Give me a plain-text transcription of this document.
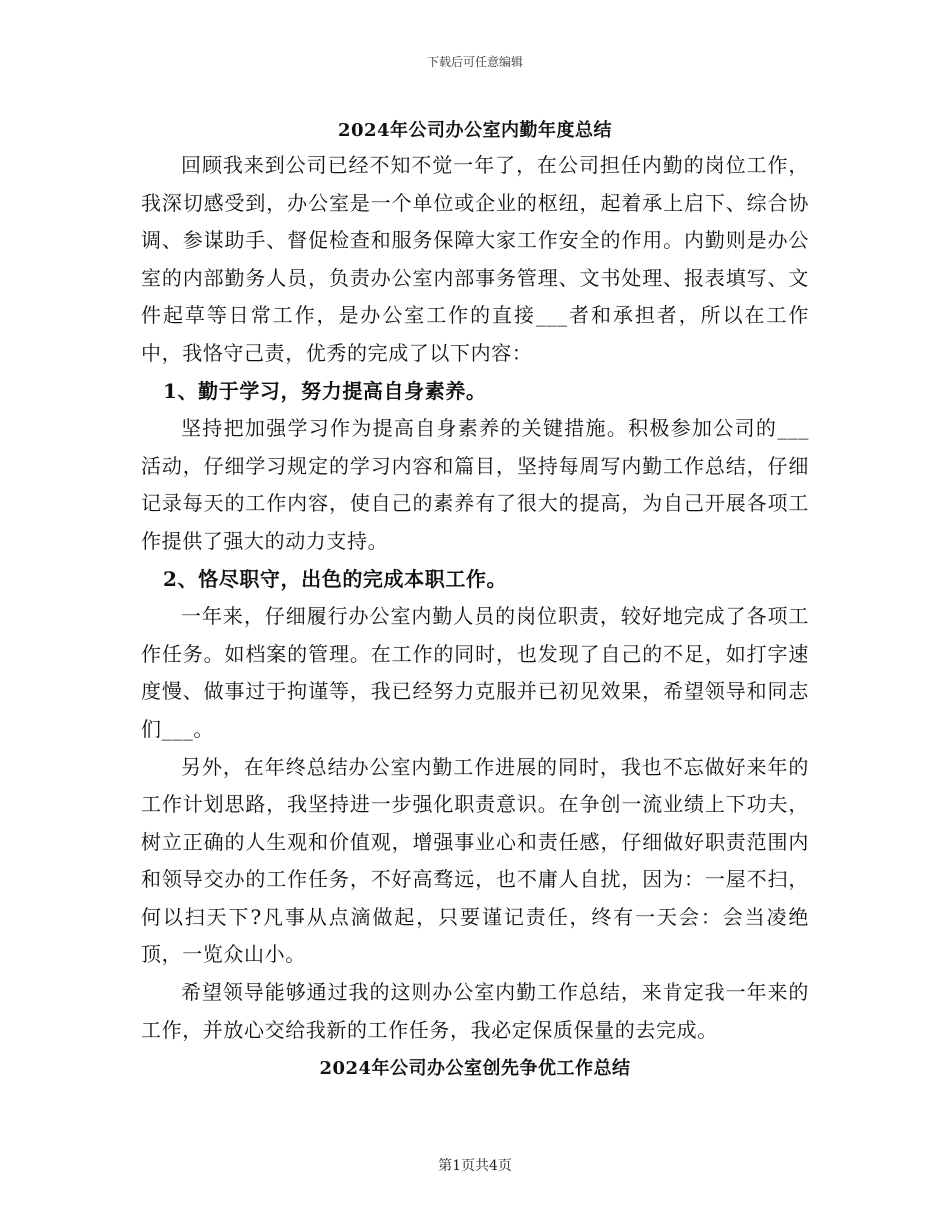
下载后可任意编辑
2024年公司办公室内勤年度总结

回顾我来到公司已经不知不觉一年了，在公司担任内勤的岗位工作，我深切感受到，办公室是一个单位或企业的枢纽，起着承上启下、综合协调、参谋助手、督促检查和服务保障大家工作安全的作用。内勤则是办公室的内部勤务人员，负责办公室内部事务管理、文书处理、报表填写、文件起草等日常工作，是办公室工作的直接___者和承担者，所以在工作中，我恪守己责，优秀的完成了以下内容：

1、勤于学习，努力提高自身素养。

坚持把加强学习作为提高自身素养的关键措施。积极参加公司的___活动，仔细学习规定的学习内容和篇目，坚持每周写内勤工作总结，仔细记录每天的工作内容，使自己的素养有了很大的提高，为自己开展各项工作提供了强大的动力支持。

2、恪尽职守，出色的完成本职工作。

一年来，仔细履行办公室内勤人员的岗位职责，较好地完成了各项工作任务。如档案的管理。在工作的同时，也发现了自己的不足，如打字速度慢、做事过于拘谨等，我已经努力克服并已初见效果，希望领导和同志们___。

另外，在年终总结办公室内勤工作进展的同时，我也不忘做好来年的工作计划思路，我坚持进一步强化职责意识。在争创一流业绩上下功夫，树立正确的人生观和价值观，增强事业心和责任感，仔细做好职责范围内和领导交办的工作任务，不好高骛远，也不庸人自扰，因为：一屋不扫，何以扫天下?凡事从点滴做起，只要谨记责任，终有一天会：会当凌绝顶，一览众山小。

希望领导能够通过我的这则办公室内勤工作总结，来肯定我一年来的工作，并放心交给我新的工作任务，我必定保质保量的去完成。

2024年公司办公室创先争优工作总结
第1页共4页
